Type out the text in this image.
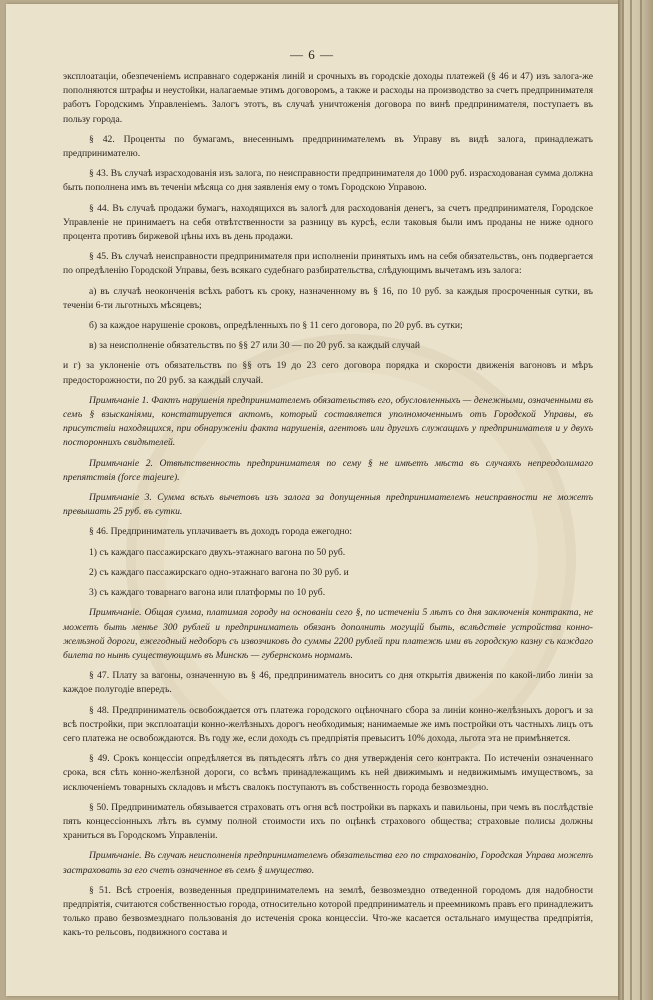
— 6 —

эксплоатаціи, обезпеченіемъ исправнаго содержанія линій и срочныхъ въ городскіе доходы платежей (§ 46 и 47) изъ залога-же пополняются штрафы и неустойки, налагаемые этимъ договоромъ, а также и расходы на производство за счетъ предпринимателя работъ Городскимъ Управленіемъ. Залогъ этотъ, въ случаѣ уничтоженія договора по винѣ предпринимателя, поступаетъ въ пользу города.

§ 42. Проценты по бумагамъ, внесеннымъ предпринимателемъ въ Управу въ видѣ залога, принадлежатъ предпринимателю.

§ 43. Въ случаѣ израсходованія изъ залога, по неисправности предпринимателя до 1000 руб. израсходованая сумма должна быть пополнена имъ въ теченіи мѣсяца со дня заявленія ему о томъ Городскою Управою.

§ 44. Въ случаѣ продажи бумагъ, находящихся въ залогѣ для расходованія денегъ, за счетъ предпринимателя, Городское Управленіе не принимаетъ на себя отвѣтственности за разницу въ курсѣ, если таковыя были имъ проданы не ниже одного процента противъ биржевой цѣны ихъ въ день продажи.

§ 45. Въ случаѣ неисправности предпринимателя при исполненіи принятыхъ имъ на себя обязательствъ, онъ подвергается по опредѣленію Городской Управы, безъ всякаго судебнаго разбирательства, слѣдующимъ вычетамъ изъ залога:

а) въ случаѣ неоконченія всѣхъ работъ къ сроку, назначенному въ § 16, по 10 руб. за каждыя просроченныя сутки, въ теченіи 6-ти льготныхъ мѣсяцевъ;

б) за каждое нарушеніе сроковъ, опредѣленныхъ по § 11 сего договора, по 20 руб. въ сутки;

в) за неисполненіе обязательствъ по §§ 27 или 30 — по 20 руб. за каждый случай

и г) за уклоненіе отъ обязательствъ по §§ отъ 19 до 23 сего договора порядка и скорости движенія вагоновъ и мѣръ предосторожности, по 20 руб. за каждый случай.

Примѣчаніе 1. Фактъ нарушенія предпринимателемъ обязательствъ его, обусловленныхъ — денежными, означенными въ семъ § взысканіями, констатируется актомъ, который составляется уполномоченнымъ отъ Городской Управы, въ присутствіи находящихся, при обнаруженіи факта нарушенія, агентовъ или другихъ служащихъ у предпринимателя и у двухъ постороннихъ свидѣтелей.

Примѣчаніе 2. Отвѣтственность предпринимателя по сему § не имѣетъ мѣста въ случаяхъ непреодолимаго препятствія (force majeure).

Примѣчаніе 3. Сумма всѣхъ вычетовъ изъ залога за допущенныя предпринимателемъ неисправности не можетъ превышать 25 руб. въ сутки.

§ 46. Предприниматель уплачиваетъ въ доходъ города ежегодно:

1) съ каждаго пассажирскаго двухъ-этажнаго вагона по 50 руб.

2) съ каждаго пассажирскаго одно-этажнаго вагона по 30 руб. и

3) съ каждаго товарнаго вагона или платформы по 10 руб.

Примѣчаніе. Общая сумма, платимая городу на основаніи сего §, по истеченіи 5 лѣтъ со дня заключенія контракта, не можетъ быть менѣе 300 рублей и предприниматель обязанъ дополнить могущій быть, вслѣдствіе устройства конно-желѣзной дороги, ежегодный недоборъ съ извозчиковъ до суммы 2200 рублей при платежѣ ими въ городскую казну съ каждаго билета по нынѣ существующимъ въ Минскѣ — губернскомъ нормамъ.

§ 47. Плату за вагоны, означенную въ § 46, предприниматель вноситъ со дня открытія движенія по какой-либо линіи за каждое полугодіе впередъ.

§ 48. Предприниматель освобождается отъ платежа городского оцѣночнаго сбора за линіи конно-желѣзныхъ дорогъ и за всѣ постройки, при эксплоатаціи конно-желѣзныхъ дорогъ необходимыя; нанимаемые же имъ постройки отъ частныхъ лицъ отъ сего платежа не освобождаются. Въ году же, если доходъ съ предпріятія превыситъ 10% дохода, льгота эта не примѣняется.

§ 49. Срокъ концессіи опредѣляется въ пятьдесятъ лѣтъ со дня утвержденія сего контракта. По истеченіи означеннаго срока, вся сѣть конно-желѣзной дороги, со всѣмъ принадлежащимъ къ ней движимымъ и недвижимымъ имуществомъ, за исключеніемъ товарныхъ складовъ и мѣстъ свалокъ поступаютъ въ собственность города безвозмездно.

§ 50. Предприниматель обязывается страховать отъ огня всѣ постройки въ паркахъ и павильоны, при чемъ въ послѣдствіе пять концессіонныхъ лѣтъ въ сумму полной стоимости ихъ по оцѣнкѣ страхового общества; страховые полисы должны храниться въ Городскомъ Управленіи.

Примѣчаніе. Въ случаѣ неисполненія предпринимателемъ обязательства его по страхованію, Городская Управа можетъ застраховать за его счетъ означенное въ семъ § имущество.

§ 51. Всѣ строенія, возведенныя предпринимателемъ на землѣ, безвозмездно отведенной городомъ для надобности предпріятія, считаются собственностью города, относительно которой предприниматель и преемникомъ правъ его принадлежитъ только право безвозмезднаго пользованія до истеченія срока концессіи. Что-же касается остальнаго имущества предпріятія, какъ-то рельсовъ, подвижного состава и
